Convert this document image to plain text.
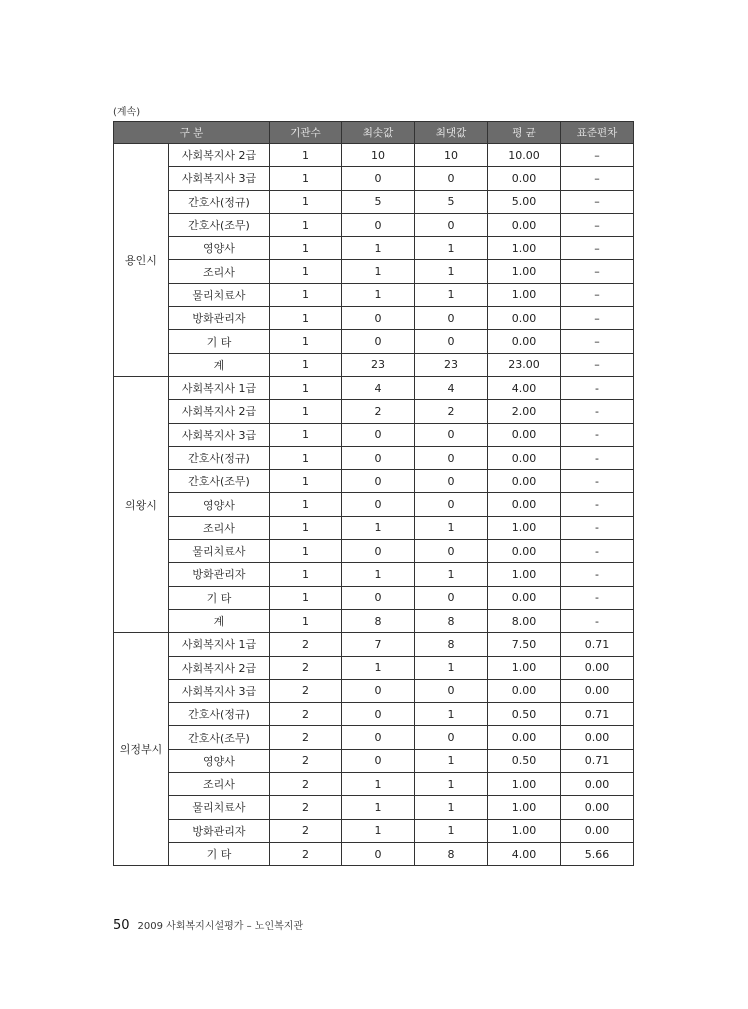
(계속)
구 분		기관수	최솟값	최댓값	평 균	표준편차
용인시	사회복지사 2급	1	10	10	10.00	–
	사회복지사 3급	1	0	0	0.00	–
	간호사(정규)	1	5	5	5.00	–
	간호사(조무)	1	0	0	0.00	–
	영양사	1	1	1	1.00	–
	조리사	1	1	1	1.00	–
	물리치료사	1	1	1	1.00	–
	방화관리자	1	0	0	0.00	–
	기 타	1	0	0	0.00	–
	계	1	23	23	23.00	–
의왕시	사회복지사 1급	1	4	4	4.00	-
	사회복지사 2급	1	2	2	2.00	-
	사회복지사 3급	1	0	0	0.00	-
	간호사(정규)	1	0	0	0.00	-
	간호사(조무)	1	0	0	0.00	-
	영양사	1	0	0	0.00	-
	조리사	1	1	1	1.00	-
	물리치료사	1	0	0	0.00	-
	방화관리자	1	1	1	1.00	-
	기 타	1	0	0	0.00	-
	계	1	8	8	8.00	-
의정부시	사회복지사 1급	2	7	8	7.50	0.71
	사회복지사 2급	2	1	1	1.00	0.00
	사회복지사 3급	2	0	0	0.00	0.00
	간호사(정규)	2	0	1	0.50	0.71
	간호사(조무)	2	0	0	0.00	0.00
	영양사	2	0	1	0.50	0.71
	조리사	2	1	1	1.00	0.00
	물리치료사	2	1	1	1.00	0.00
	방화관리자	2	1	1	1.00	0.00
	기 타	2	0	8	4.00	5.66
50 2009 사회복지시설평가 – 노인복지관
